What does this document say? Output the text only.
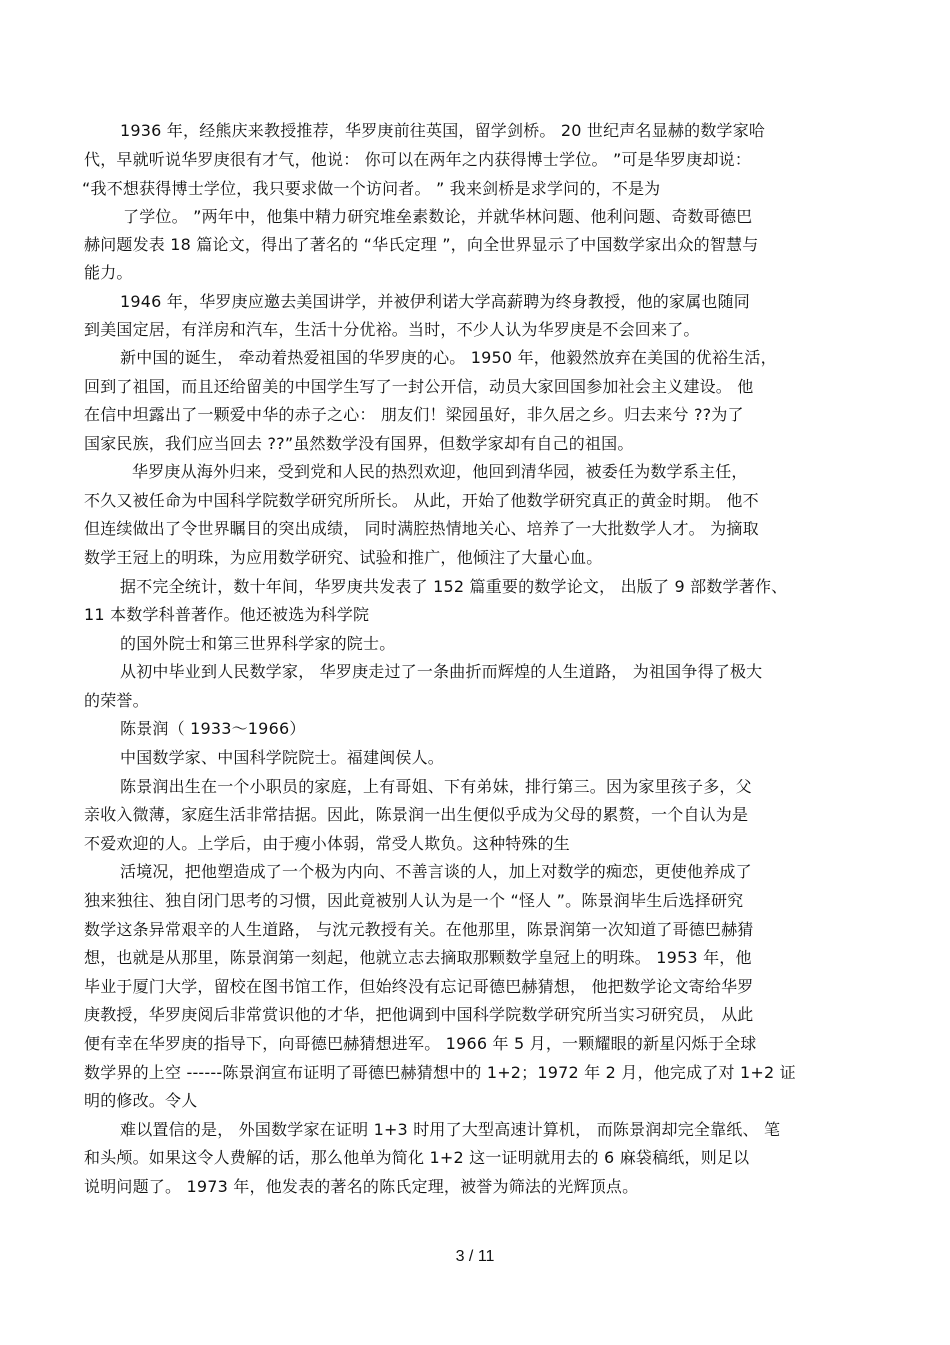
1936 年，经熊庆来教授推荐，华罗庚前往英国，留学剑桥。 20 世纪声名显赫的数学家哈
代，早就听说华罗庚很有才气，他说： 你可以在两年之内获得博士学位。 ”可是华罗庚却说：
“我不想获得博士学位，我只要求做一个访问者。 ” 我来剑桥是求学问的，不是为
了学位。 ”两年中，他集中精力研究堆垒素数论，并就华林问题、他利问题、奇数哥德巴
赫问题发表 18 篇论文，得出了著名的 “华氏定理 ”，向全世界显示了中国数学家出众的智慧与
能力。
1946 年，华罗庚应邀去美国讲学，并被伊利诺大学高薪聘为终身教授，他的家属也随同
到美国定居，有洋房和汽车，生活十分优裕。当时，不少人认为华罗庚是不会回来了。
新中国的诞生， 牵动着热爱祖国的华罗庚的心。 1950 年，他毅然放弃在美国的优裕生活，
回到了祖国，而且还给留美的中国学生写了一封公开信，动员大家回国参加社会主义建设。 他
在信中坦露出了一颗爱中华的赤子之心： 朋友们！梁园虽好，非久居之乡。归去来兮 ??为了
国家民族，我们应当回去 ??”虽然数学没有国界，但数学家却有自己的祖国。
华罗庚从海外归来，受到党和人民的热烈欢迎，他回到清华园，被委任为数学系主任，
不久又被任命为中国科学院数学研究所所长。 从此，开始了他数学研究真正的黄金时期。 他不
但连续做出了令世界瞩目的突出成绩， 同时满腔热情地关心、培养了一大批数学人才。 为摘取
数学王冠上的明珠，为应用数学研究、试验和推广，他倾注了大量心血。
据不完全统计，数十年间，华罗庚共发表了 152 篇重要的数学论文， 出版了 9 部数学著作、
11 本数学科普著作。他还被选为科学院
的国外院士和第三世界科学家的院士。
从初中毕业到人民数学家， 华罗庚走过了一条曲折而辉煌的人生道路， 为祖国争得了极大
的荣誉。
陈景润（ 1933～1966）
中国数学家、中国科学院院士。福建闽侯人。
陈景润出生在一个小职员的家庭，上有哥姐、下有弟妹，排行第三。因为家里孩子多，父
亲收入微薄，家庭生活非常拮据。因此，陈景润一出生便似乎成为父母的累赘，一个自认为是
不爱欢迎的人。上学后，由于瘦小体弱，常受人欺负。这种特殊的生
活境况，把他塑造成了一个极为内向、不善言谈的人，加上对数学的痴恋，更使他养成了
独来独往、独自闭门思考的习惯，因此竟被别人认为是一个 “怪人 ”。陈景润毕生后选择研究
数学这条异常艰辛的人生道路， 与沈元教授有关。在他那里，陈景润第一次知道了哥德巴赫猜
想，也就是从那里，陈景润第一刻起，他就立志去摘取那颗数学皇冠上的明珠。 1953 年，他
毕业于厦门大学，留校在图书馆工作，但始终没有忘记哥德巴赫猜想， 他把数学论文寄给华罗
庚教授，华罗庚阅后非常赏识他的才华，把他调到中国科学院数学研究所当实习研究员， 从此
便有幸在华罗庚的指导下，向哥德巴赫猜想进军。 1966 年 5 月，一颗耀眼的新星闪烁于全球
数学界的上空 ------陈景润宣布证明了哥德巴赫猜想中的 1+2；1972 年 2 月，他完成了对 1+2 证
明的修改。令人
难以置信的是， 外国数学家在证明 1+3 时用了大型高速计算机， 而陈景润却完全靠纸、 笔
和头颅。如果这令人费解的话，那么他单为简化 1+2 这一证明就用去的 6 麻袋稿纸，则足以
说明问题了。 1973 年，他发表的著名的陈氏定理，被誉为筛法的光辉顶点。
3 / 11
